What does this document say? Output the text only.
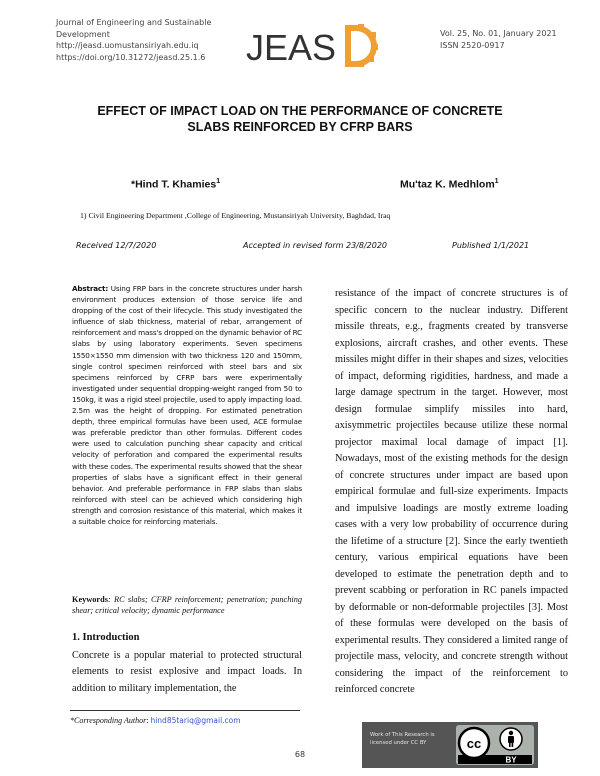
Journal of Engineering and Sustainable
Development
http://jeasd.uomustansiriyah.edu.iq
https://doi.org/10.31272/jeasd.25.1.6	JEAS	Vol. 25, No. 01, January 2021
ISSN 2520-0917
EFFECT OF IMPACT LOAD ON THE PERFORMANCE OF CONCRETE
SLABS REINFORCED BY CFRP BARS
*Hind T. Khamies$^1$	Mu'taz K. Medhlom$^1$
1) Civil Engineering Department ,College of Engineering, Mustansiriyah University, Baghdad, Iraq
Received 12/7/2020	Accepted in revised form 23/8/2020	Published 1/1/2021
Abstract: Using FRP bars in the concrete structures under harsh environment produces extension of those service life and dropping of the cost of their lifecycle. This study investigated the influence of slab thickness, material of rebar, arrangement of reinforcement and mass's dropped on the dynamic behavior of RC slabs by using laboratory experiments. Seven specimens 1550×1550 mm dimension with two thickness 120 and 150mm, single control specimen reinforced with steel bars and six specimens reinforced by CFRP bars were experimentally investigated under sequential dropping-weight ranged from 50 to 150kg, it was a rigid steel projectile, used to apply impacting load. 2.5m was the height of dropping. For estimated penetration depth, three empirical formulas have been used, ACE formulae was preferable predictor than other formulas. Different codes were used to calculation punching shear capacity and critical velocity of perforation and compared the experimental results with these codes. The experimental results showed that the shear properties of slabs have a significant effect in their general behavior. And preferable performance in FRP slabs than slabs reinforced with steel can be achieved which considering high strength and corrosion resistance of this material, which makes it a suitable choice for reinforcing materials.
Keywords: RC slabs; CFRP reinforcement; penetration; punching shear; critical velocity; dynamic performance
1. Introduction
Concrete is a popular material to protected structural elements to resist explosive and impact loads. In addition to military implementation, the
resistance of the impact of concrete structures is of specific concern to the nuclear industry. Different missile threats, e.g., fragments created by transverse explosions, aircraft crashes, and other events. These missiles might differ in their shapes and sizes, velocities of impact, deforming rigidities, hardness, and made a large damage spectrum in the target. However, most design formulae simplify missiles into hard, axisymmetric projectiles because utilize these normal projector maximal local damage of impact [1]. Nowadays, most of the existing methods for the design of concrete structures under impact are based upon empirical formulae and full-size experiments. Impacts and impulsive loadings are mostly extreme loading cases with a very low probability of occurrence during the lifetime of a structure [2]. Since the early twentieth century, various empirical equations have been developed to estimate the penetration depth and to prevent scabbing or perforation in RC panels impacted by deformable or non-deformable projectiles [3]. Most of these formulas were developed on the basis of experimental results. They considered a limited range of projectile mass, velocity, and concrete strength without considering the impact of the reinforcement to reinforced concrete
*Corresponding Author: hind85tariq@gmail.com
68
Work of This Research is licensed under CC BY	cc
BY
